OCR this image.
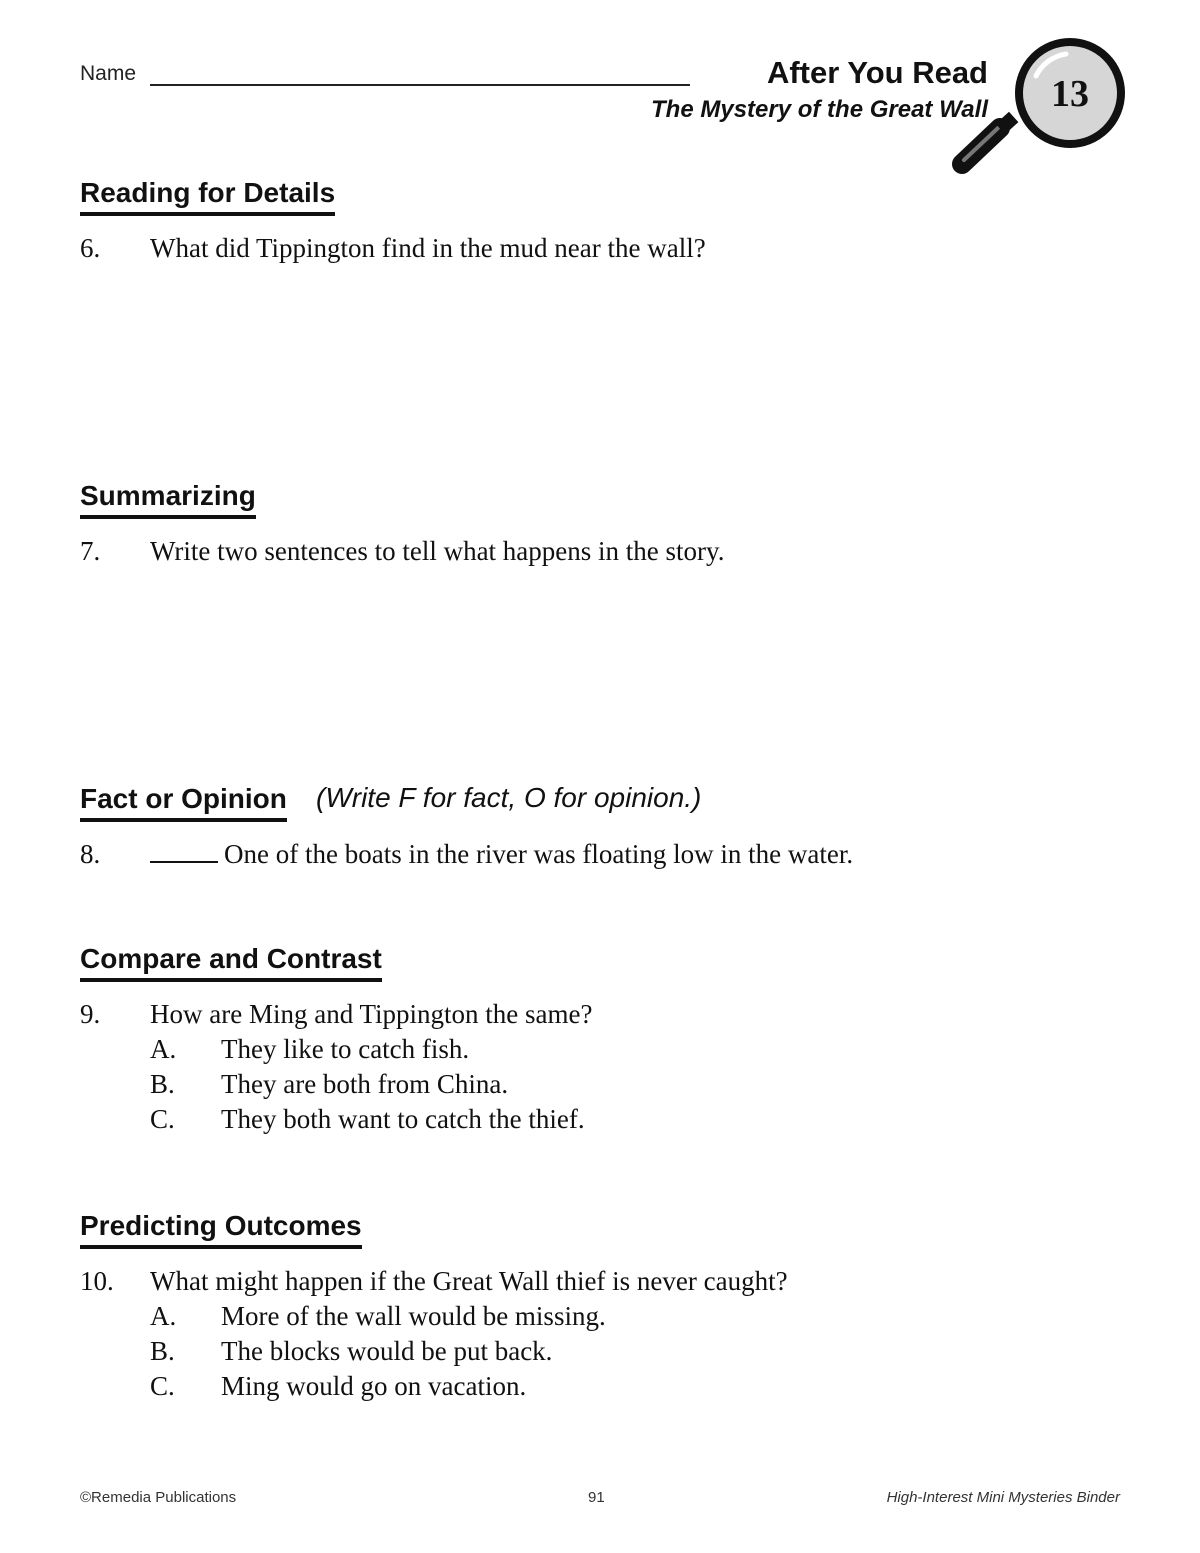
Name	After You Read
The Mystery of the Great Wall 13
Reading for Details
6. What did Tippington find in the mud near the wall?
Summarizing
7. Write two sentences to tell what happens in the story.
Fact or Opinion (Write F for fact, O for opinion.)
8.	One of the boats in the river was floating low in the water.
Compare and Contrast
9. How are Ming and Tippington the same?
A. They like to catch fish.
B. They are both from China.
C. They both want to catch the thief.
Predicting Outcomes
10. What might happen if the Great Wall thief is never caught?
A. More of the wall would be missing.
B. The blocks would be put back.
C. Ming would go on vacation.
©Remedia Publications	91	High-Interest Mini Mysteries Binder
